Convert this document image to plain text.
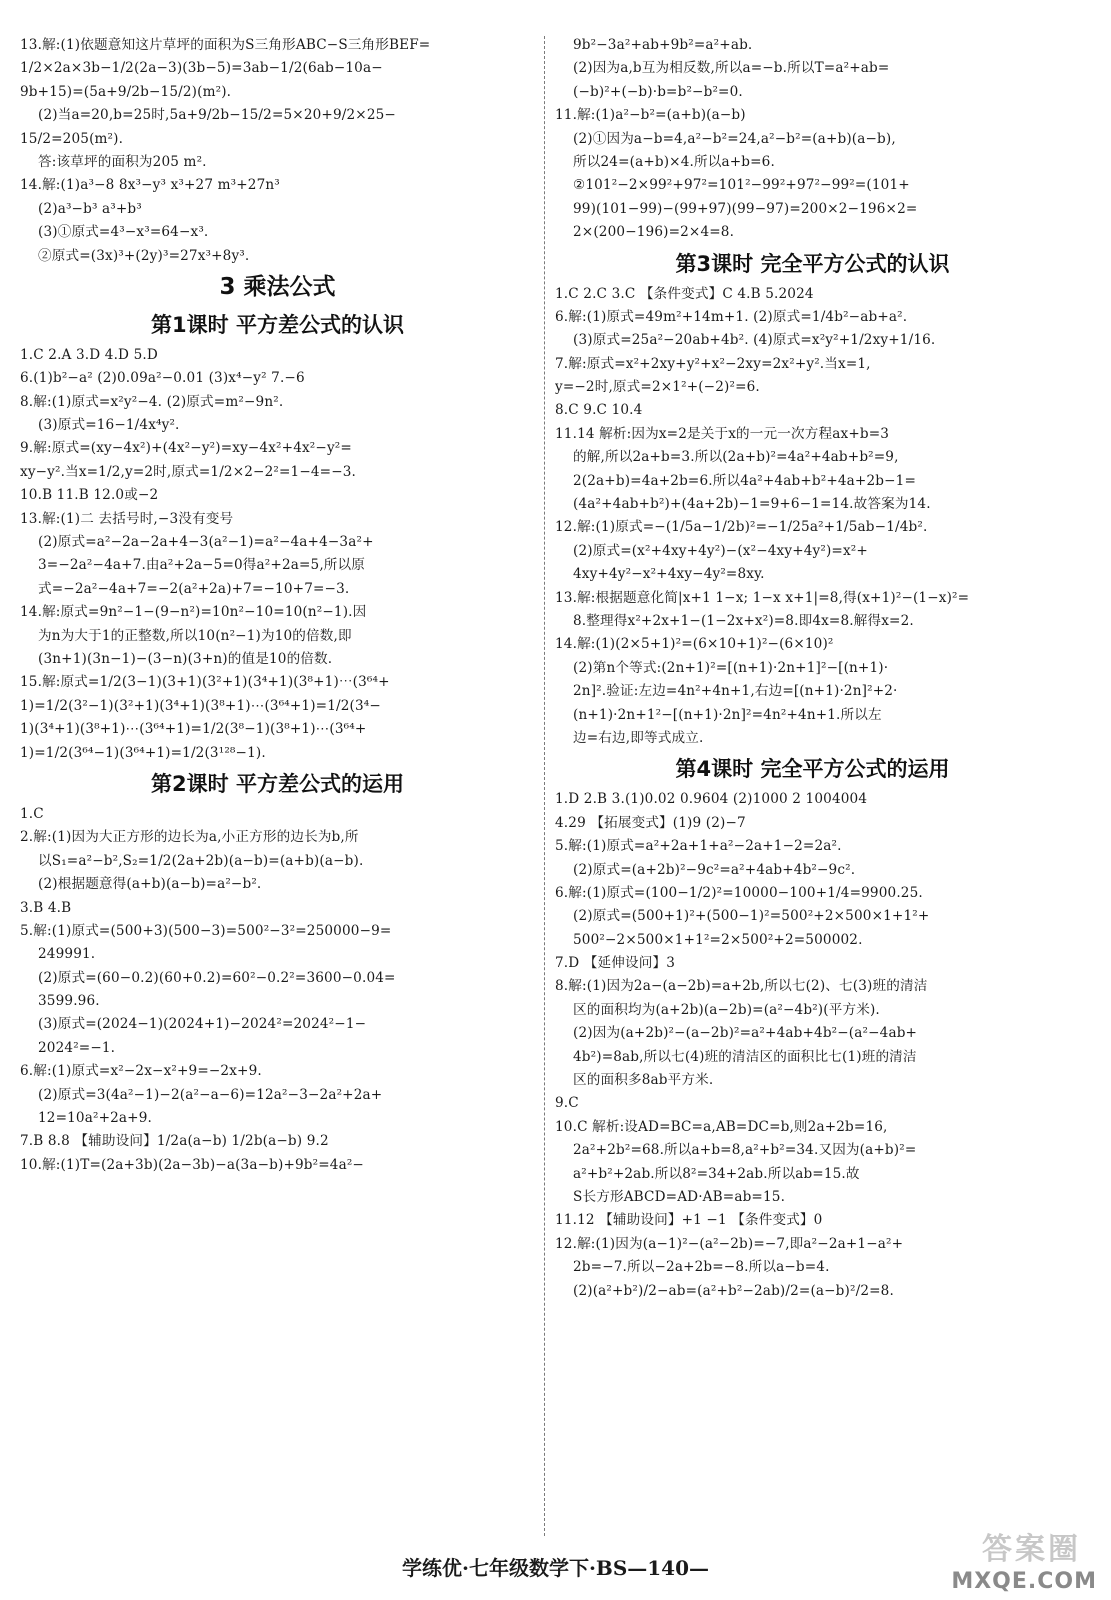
13.解:(1)依题意知这片草坪的面积为S三角形ABC−S三角形BEF=
1/2×2a×3b−1/2(2a−3)(3b−5)=3ab−1/2(6ab−10a−
9b+15)=(5a+9/2b−15/2)(m²).
(2)当a=20,b=25时,5a+9/2b−15/2=5×20+9/2×25−
15/2=205(m²).
答:该草坪的面积为205 m².
14.解:(1)a³−8 8x³−y³ x³+27 m³+27n³
(2)a³−b³ a³+b³
(3)①原式=4³−x³=64−x³.
②原式=(3x)³+(2y)³=27x³+8y³.
3 乘法公式
第1课时 平方差公式的认识
1.C 2.A 3.D 4.D 5.D
6.(1)b²−a² (2)0.09a²−0.01 (3)x⁴−y² 7.−6
8.解:(1)原式=x²y²−4. (2)原式=m²−9n².
(3)原式=16−1/4x⁴y².
9.解:原式=(xy−4x²)+(4x²−y²)=xy−4x²+4x²−y²=
xy−y².当x=1/2,y=2时,原式=1/2×2−2²=1−4=−3.
10.B 11.B 12.0或−2
13.解:(1)二 去括号时,−3没有变号
(2)原式=a²−2a−2a+4−3(a²−1)=a²−4a+4−3a²+
3=−2a²−4a+7.由a²+2a−5=0得a²+2a=5,所以原
式=−2a²−4a+7=−2(a²+2a)+7=−10+7=−3.
14.解:原式=9n²−1−(9−n²)=10n²−10=10(n²−1).因
为n为大于1的正整数,所以10(n²−1)为10的倍数,即
(3n+1)(3n−1)−(3−n)(3+n)的值是10的倍数.
15.解:原式=1/2(3−1)(3+1)(3²+1)(3⁴+1)(3⁸+1)⋯(3⁶⁴+
1)=1/2(3²−1)(3²+1)(3⁴+1)(3⁸+1)⋯(3⁶⁴+1)=1/2(3⁴−
1)(3⁴+1)(3⁸+1)⋯(3⁶⁴+1)=1/2(3⁸−1)(3⁸+1)⋯(3⁶⁴+
1)=1/2(3⁶⁴−1)(3⁶⁴+1)=1/2(3¹²⁸−1).
第2课时 平方差公式的运用
1.C
2.解:(1)因为大正方形的边长为a,小正方形的边长为b,所
以S₁=a²−b²,S₂=1/2(2a+2b)(a−b)=(a+b)(a−b).
(2)根据题意得(a+b)(a−b)=a²−b².
3.B 4.B
5.解:(1)原式=(500+3)(500−3)=500²−3²=250000−9=
249991.
(2)原式=(60−0.2)(60+0.2)=60²−0.2²=3600−0.04=
3599.96.
(3)原式=(2024−1)(2024+1)−2024²=2024²−1−
2024²=−1.
6.解:(1)原式=x²−2x−x²+9=−2x+9.
(2)原式=3(4a²−1)−2(a²−a−6)=12a²−3−2a²+2a+
12=10a²+2a+9.
7.B 8.8 【辅助设问】1/2a(a−b) 1/2b(a−b) 9.2
10.解:(1)T=(2a+3b)(2a−3b)−a(3a−b)+9b²=4a²−
9b²−3a²+ab+9b²=a²+ab.
(2)因为a,b互为相反数,所以a=−b.所以T=a²+ab=
(−b)²+(−b)·b=b²−b²=0.
11.解:(1)a²−b²=(a+b)(a−b)
(2)①因为a−b=4,a²−b²=24,a²−b²=(a+b)(a−b),
所以24=(a+b)×4.所以a+b=6.
②101²−2×99²+97²=101²−99²+97²−99²=(101+
99)(101−99)−(99+97)(99−97)=200×2−196×2=
2×(200−196)=2×4=8.
第3课时 完全平方公式的认识
1.C 2.C 3.C 【条件变式】C 4.B 5.2024
6.解:(1)原式=49m²+14m+1. (2)原式=1/4b²−ab+a².
(3)原式=25a²−20ab+4b². (4)原式=x²y²+1/2xy+1/16.
7.解:原式=x²+2xy+y²+x²−2xy=2x²+y².当x=1,
y=−2时,原式=2×1²+(−2)²=6.
8.C 9.C 10.4
11.14 解析:因为x=2是关于x的一元一次方程ax+b=3
的解,所以2a+b=3.所以(2a+b)²=4a²+4ab+b²=9,
2(2a+b)=4a+2b=6.所以4a²+4ab+b²+4a+2b−1=
(4a²+4ab+b²)+(4a+2b)−1=9+6−1=14.故答案为14.
12.解:(1)原式=−(1/5a−1/2b)²=−1/25a²+1/5ab−1/4b².
(2)原式=(x²+4xy+4y²)−(x²−4xy+4y²)=x²+
4xy+4y²−x²+4xy−4y²=8xy.
13.解:根据题意化简|x+1 1−x; 1−x x+1|=8,得(x+1)²−(1−x)²=
8.整理得x²+2x+1−(1−2x+x²)=8.即4x=8.解得x=2.
14.解:(1)(2×5+1)²=(6×10+1)²−(6×10)²
(2)第n个等式:(2n+1)²=[(n+1)·2n+1]²−[(n+1)·
2n]².验证:左边=4n²+4n+1,右边=[(n+1)·2n]²+2·
(n+1)·2n+1²−[(n+1)·2n]²=4n²+4n+1.所以左
边=右边,即等式成立.
第4课时 完全平方公式的运用
1.D 2.B 3.(1)0.02 0.9604 (2)1000 2 1004004
4.29 【拓展变式】(1)9 (2)−7
5.解:(1)原式=a²+2a+1+a²−2a+1−2=2a².
(2)原式=(a+2b)²−9c²=a²+4ab+4b²−9c².
6.解:(1)原式=(100−1/2)²=10000−100+1/4=9900.25.
(2)原式=(500+1)²+(500−1)²=500²+2×500×1+1²+
500²−2×500×1+1²=2×500²+2=500002.
7.D 【延伸设问】3
8.解:(1)因为2a−(a−2b)=a+2b,所以七(2)、七(3)班的清洁
区的面积均为(a+2b)(a−2b)=(a²−4b²)(平方米).
(2)因为(a+2b)²−(a−2b)²=a²+4ab+4b²−(a²−4ab+
4b²)=8ab,所以七(4)班的清洁区的面积比七(1)班的清洁
区的面积多8ab平方米.
9.C
10.C 解析:设AD=BC=a,AB=DC=b,则2a+2b=16,
2a²+2b²=68.所以a+b=8,a²+b²=34.又因为(a+b)²=
a²+b²+2ab.所以8²=34+2ab.所以ab=15.故
S长方形ABCD=AD·AB=ab=15.
11.12 【辅助设问】+1 −1 【条件变式】0
12.解:(1)因为(a−1)²−(a²−2b)=−7,即a²−2a+1−a²+
2b=−7.所以−2a+2b=−8.所以a−b=4.
(2)(a²+b²)/2−ab=(a²+b²−2ab)/2=(a−b)²/2=8.
学练优·七年级数学下·BS—140—
答案圈
MXQE.COM
